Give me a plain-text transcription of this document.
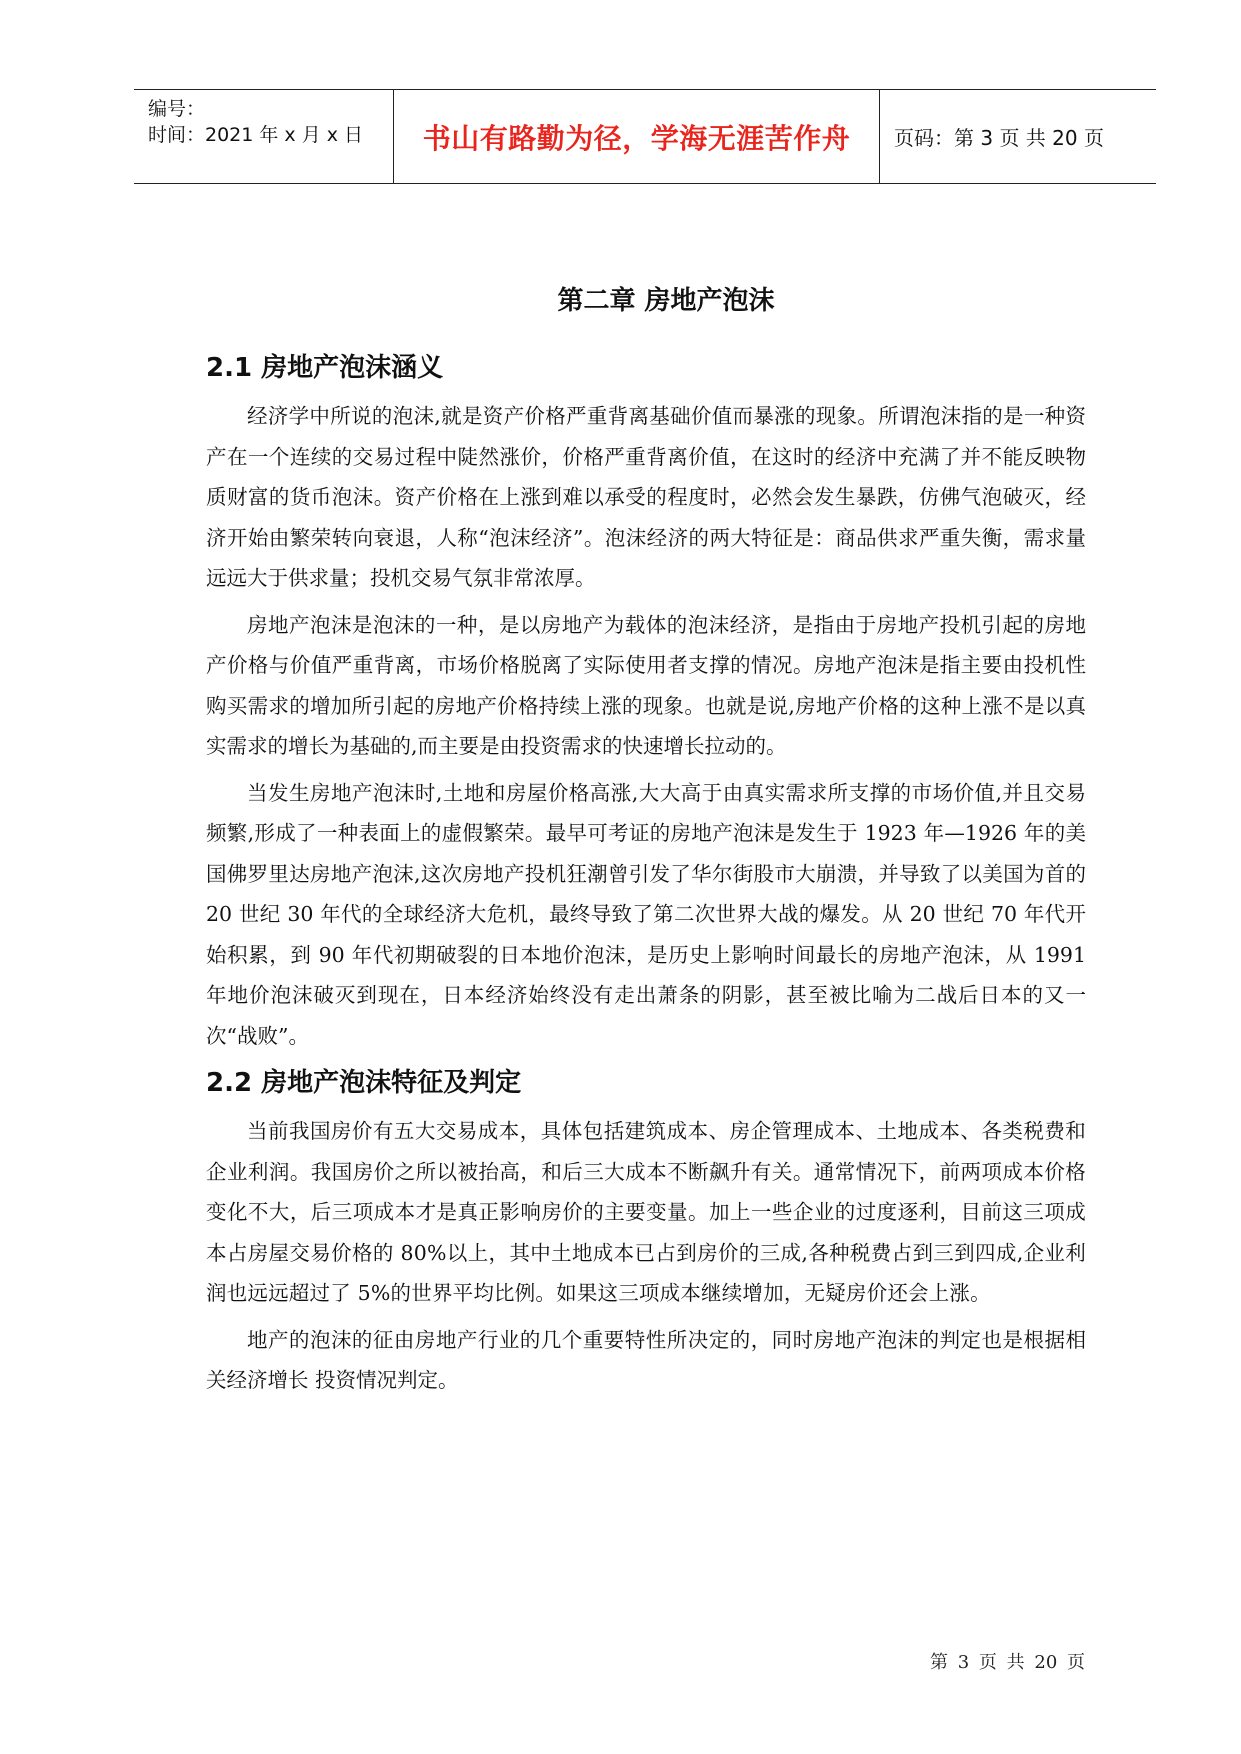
编号：
时间：2021 年 x 月 x 日 书山有路勤为径，学海无涯苦作舟 页码：第 3 页 共 20 页
第二章 房地产泡沫
2.1 房地产泡沫涵义

经济学中所说的泡沫,就是资产价格严重背离基础价值而暴涨的现象。所谓泡沫指的是一种资产在一个连续的交易过程中陡然涨价，价格严重背离价值，在这时的经济中充满了并不能反映物质财富的货币泡沫。资产价格在上涨到难以承受的程度时，必然会发生暴跌，仿佛气泡破灭，经济开始由繁荣转向衰退，人称“泡沫经济”。泡沫经济的两大特征是：商品供求严重失衡，需求量远远大于供求量；投机交易气氛非常浓厚。

房地产泡沫是泡沫的一种，是以房地产为载体的泡沫经济，是指由于房地产投机引起的房地产价格与价值严重背离，市场价格脱离了实际使用者支撑的情况。房地产泡沫是指主要由投机性购买需求的增加所引起的房地产价格持续上涨的现象。也就是说,房地产价格的这种上涨不是以真实需求的增长为基础的,而主要是由投资需求的快速增长拉动的。

当发生房地产泡沫时,土地和房屋价格高涨,大大高于由真实需求所支撑的市场价值,并且交易频繁,形成了一种表面上的虚假繁荣。最早可考证的房地产泡沫是发生于 1923 年—1926 年的美国佛罗里达房地产泡沫,这次房地产投机狂潮曾引发了华尔街股市大崩溃，并导致了以美国为首的 20 世纪 30 年代的全球经济大危机，最终导致了第二次世界大战的爆发。从 20 世纪 70 年代开始积累，到 90 年代初期破裂的日本地价泡沫，是历史上影响时间最长的房地产泡沫，从 1991 年地价泡沫破灭到现在，日本经济始终没有走出萧条的阴影，甚至被比喻为二战后日本的又一次“战败”。

2.2 房地产泡沫特征及判定

当前我国房价有五大交易成本，具体包括建筑成本、房企管理成本、土地成本、各类税费和企业利润。我国房价之所以被抬高，和后三大成本不断飙升有关。通常情况下，前两项成本价格变化不大，后三项成本才是真正影响房价的主要变量。加上一些企业的过度逐利，目前这三项成本占房屋交易价格的 80%以上，其中土地成本已占到房价的三成,各种税费占到三到四成,企业利润也远远超过了 5%的世界平均比例。如果这三项成本继续增加，无疑房价还会上涨。

地产的泡沫的征由房地产行业的几个重要特性所决定的，同时房地产泡沫的判定也是根据相关经济增长 投资情况判定。

第 3 页 共 20 页
